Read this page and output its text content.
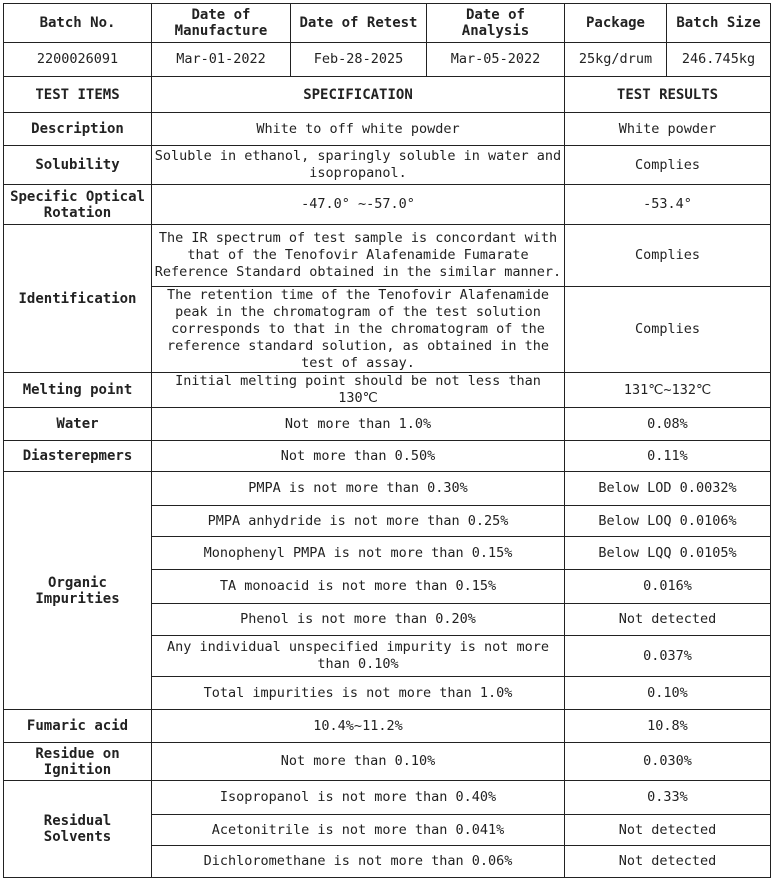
Batch No.	Date of Manufacture	Date of Retest	Date of Analysis	Package	Batch Size
2200026091	Mar-01-2022	Feb-28-2025	Mar-05-2022	25kg/drum	246.745kg
TEST ITEMS	SPECIFICATION			TEST RESULTS	
Description	White to off white powder			White powder	
Solubility	Soluble in ethanol, sparingly soluble in water and isopropanol.			Complies	
Specific Optical Rotation	-47.0° ~-57.0°			-53.4°	
Identification	The IR spectrum of test sample is concordant with that of the Tenofovir Alafenamide Fumarate Reference Standard obtained in the similar manner.			Complies	
	The retention time of the Tenofovir Alafenamide peak in the chromatogram of the test solution corresponds to that in the chromatogram of the reference standard solution, as obtained in the test of assay.			Complies	
Melting point	Initial melting point should be not less than 130℃			131℃~132℃	
Water	Not more than 1.0%			0.08%	
Diasterepmers	Not more than 0.50%			0.11%	
Organic Impurities	PMPA is not more than 0.30%			Below LOD 0.0032%	
	PMPA anhydride is not more than 0.25%			Below LOQ 0.0106%	
	Monophenyl PMPA is not more than 0.15%			Below LQQ 0.0105%	
	TA monoacid is not more than 0.15%			0.016%	
	Phenol is not more than 0.20%			Not detected	
	Any individual unspecified impurity is not more than 0.10%			0.037%	
	Total impurities is not more than 1.0%			0.10%	
Fumaric acid	10.4%~11.2%			10.8%	
Residue on Ignition	Not more than 0.10%			0.030%	
Residual Solvents	Isopropanol is not more than 0.40%			0.33%	
	Acetonitrile is not more than 0.041%			Not detected	
	Dichloromethane is not more than 0.06%			Not detected	
